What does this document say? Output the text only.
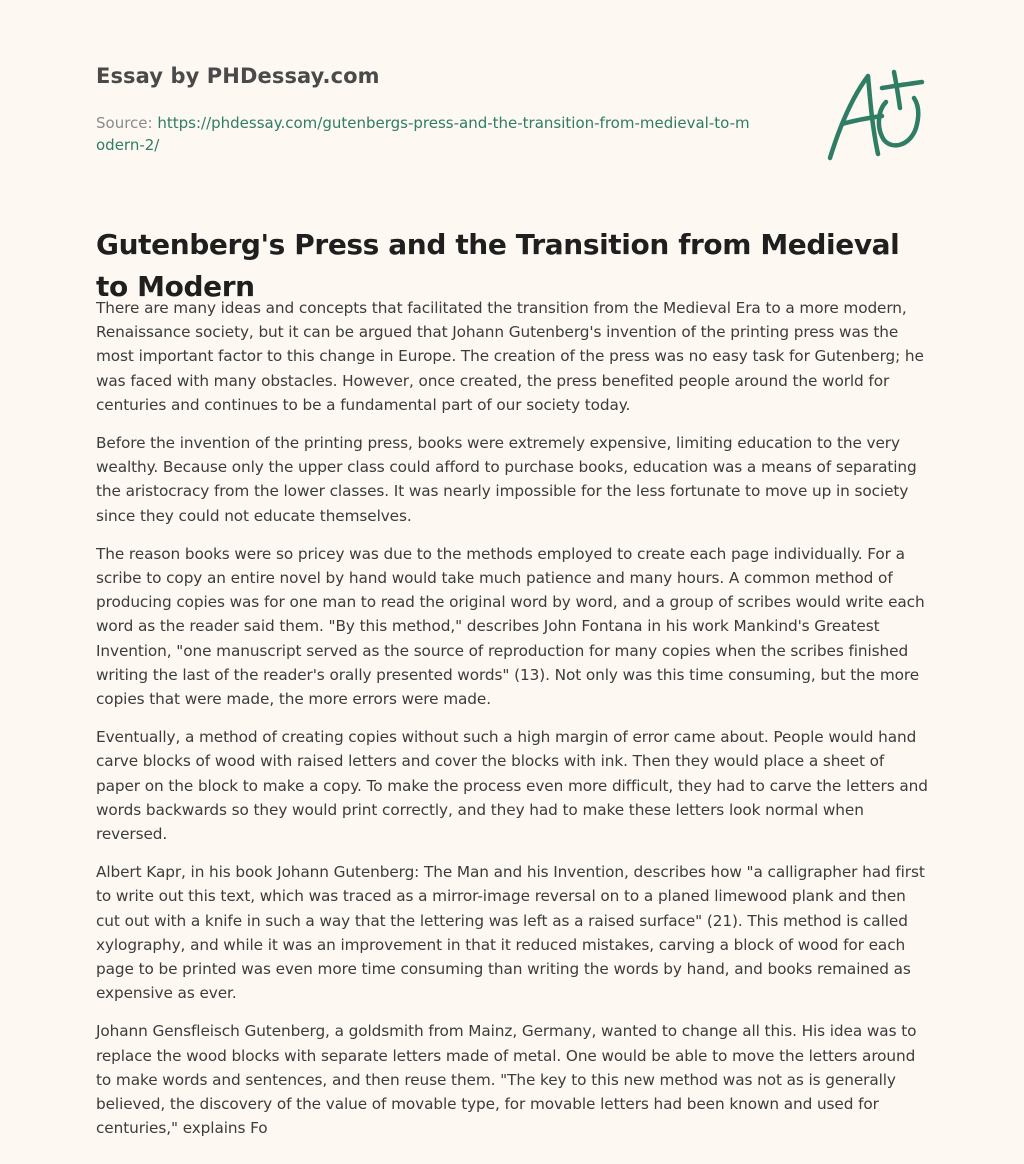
Essay by PHDessay.com
Source: https://phdessay.com/gutenbergs-press-and-the-transition-from-medieval-to-modern-2/
Gutenberg's Press and the Transition from Medieval to Modern

There are many ideas and concepts that facilitated the transition from the Medieval Era to a more modern, Renaissance society, but it can be argued that Johann Gutenberg's invention of the printing press was the most important factor to this change in Europe. The creation of the press was no easy task for Gutenberg; he was faced with many obstacles. However, once created, the press benefited people around the world for centuries and continues to be a fundamental part of our society today.

Before the invention of the printing press, books were extremely expensive, limiting education to the very wealthy. Because only the upper class could afford to purchase books, education was a means of separating the aristocracy from the lower classes. It was nearly impossible for the less fortunate to move up in society since they could not educate themselves.

The reason books were so pricey was due to the methods employed to create each page individually. For a scribe to copy an entire novel by hand would take much patience and many hours. A common method of producing copies was for one man to read the original word by word, and a group of scribes would write each word as the reader said them. "By this method," describes John Fontana in his work Mankind's Greatest Invention, "one manuscript served as the source of reproduction for many copies when the scribes finished writing the last of the reader's orally presented words" (13). Not only was this time consuming, but the more copies that were made, the more errors were made.

Eventually, a method of creating copies without such a high margin of error came about. People would hand carve blocks of wood with raised letters and cover the blocks with ink. Then they would place a sheet of paper on the block to make a copy. To make the process even more difficult, they had to carve the letters and words backwards so they would print correctly, and they had to make these letters look normal when reversed.

Albert Kapr, in his book Johann Gutenberg: The Man and his Invention, describes how "a calligrapher had first to write out this text, which was traced as a mirror-image reversal on to a planed limewood plank and then cut out with a knife in such a way that the lettering was left as a raised surface" (21). This method is called xylography, and while it was an improvement in that it reduced mistakes, carving a block of wood for each page to be printed was even more time consuming than writing the words by hand, and books remained as expensive as ever.

Johann Gensfleisch Gutenberg, a goldsmith from Mainz, Germany, wanted to change all this. His idea was to replace the wood blocks with separate letters made of metal. One would be able to move the letters around to make words and sentences, and then reuse them. "The key to this new method was not as is generally believed, the discovery of the value of movable type, for movable letters had been known and used for centuries," explains Fo
